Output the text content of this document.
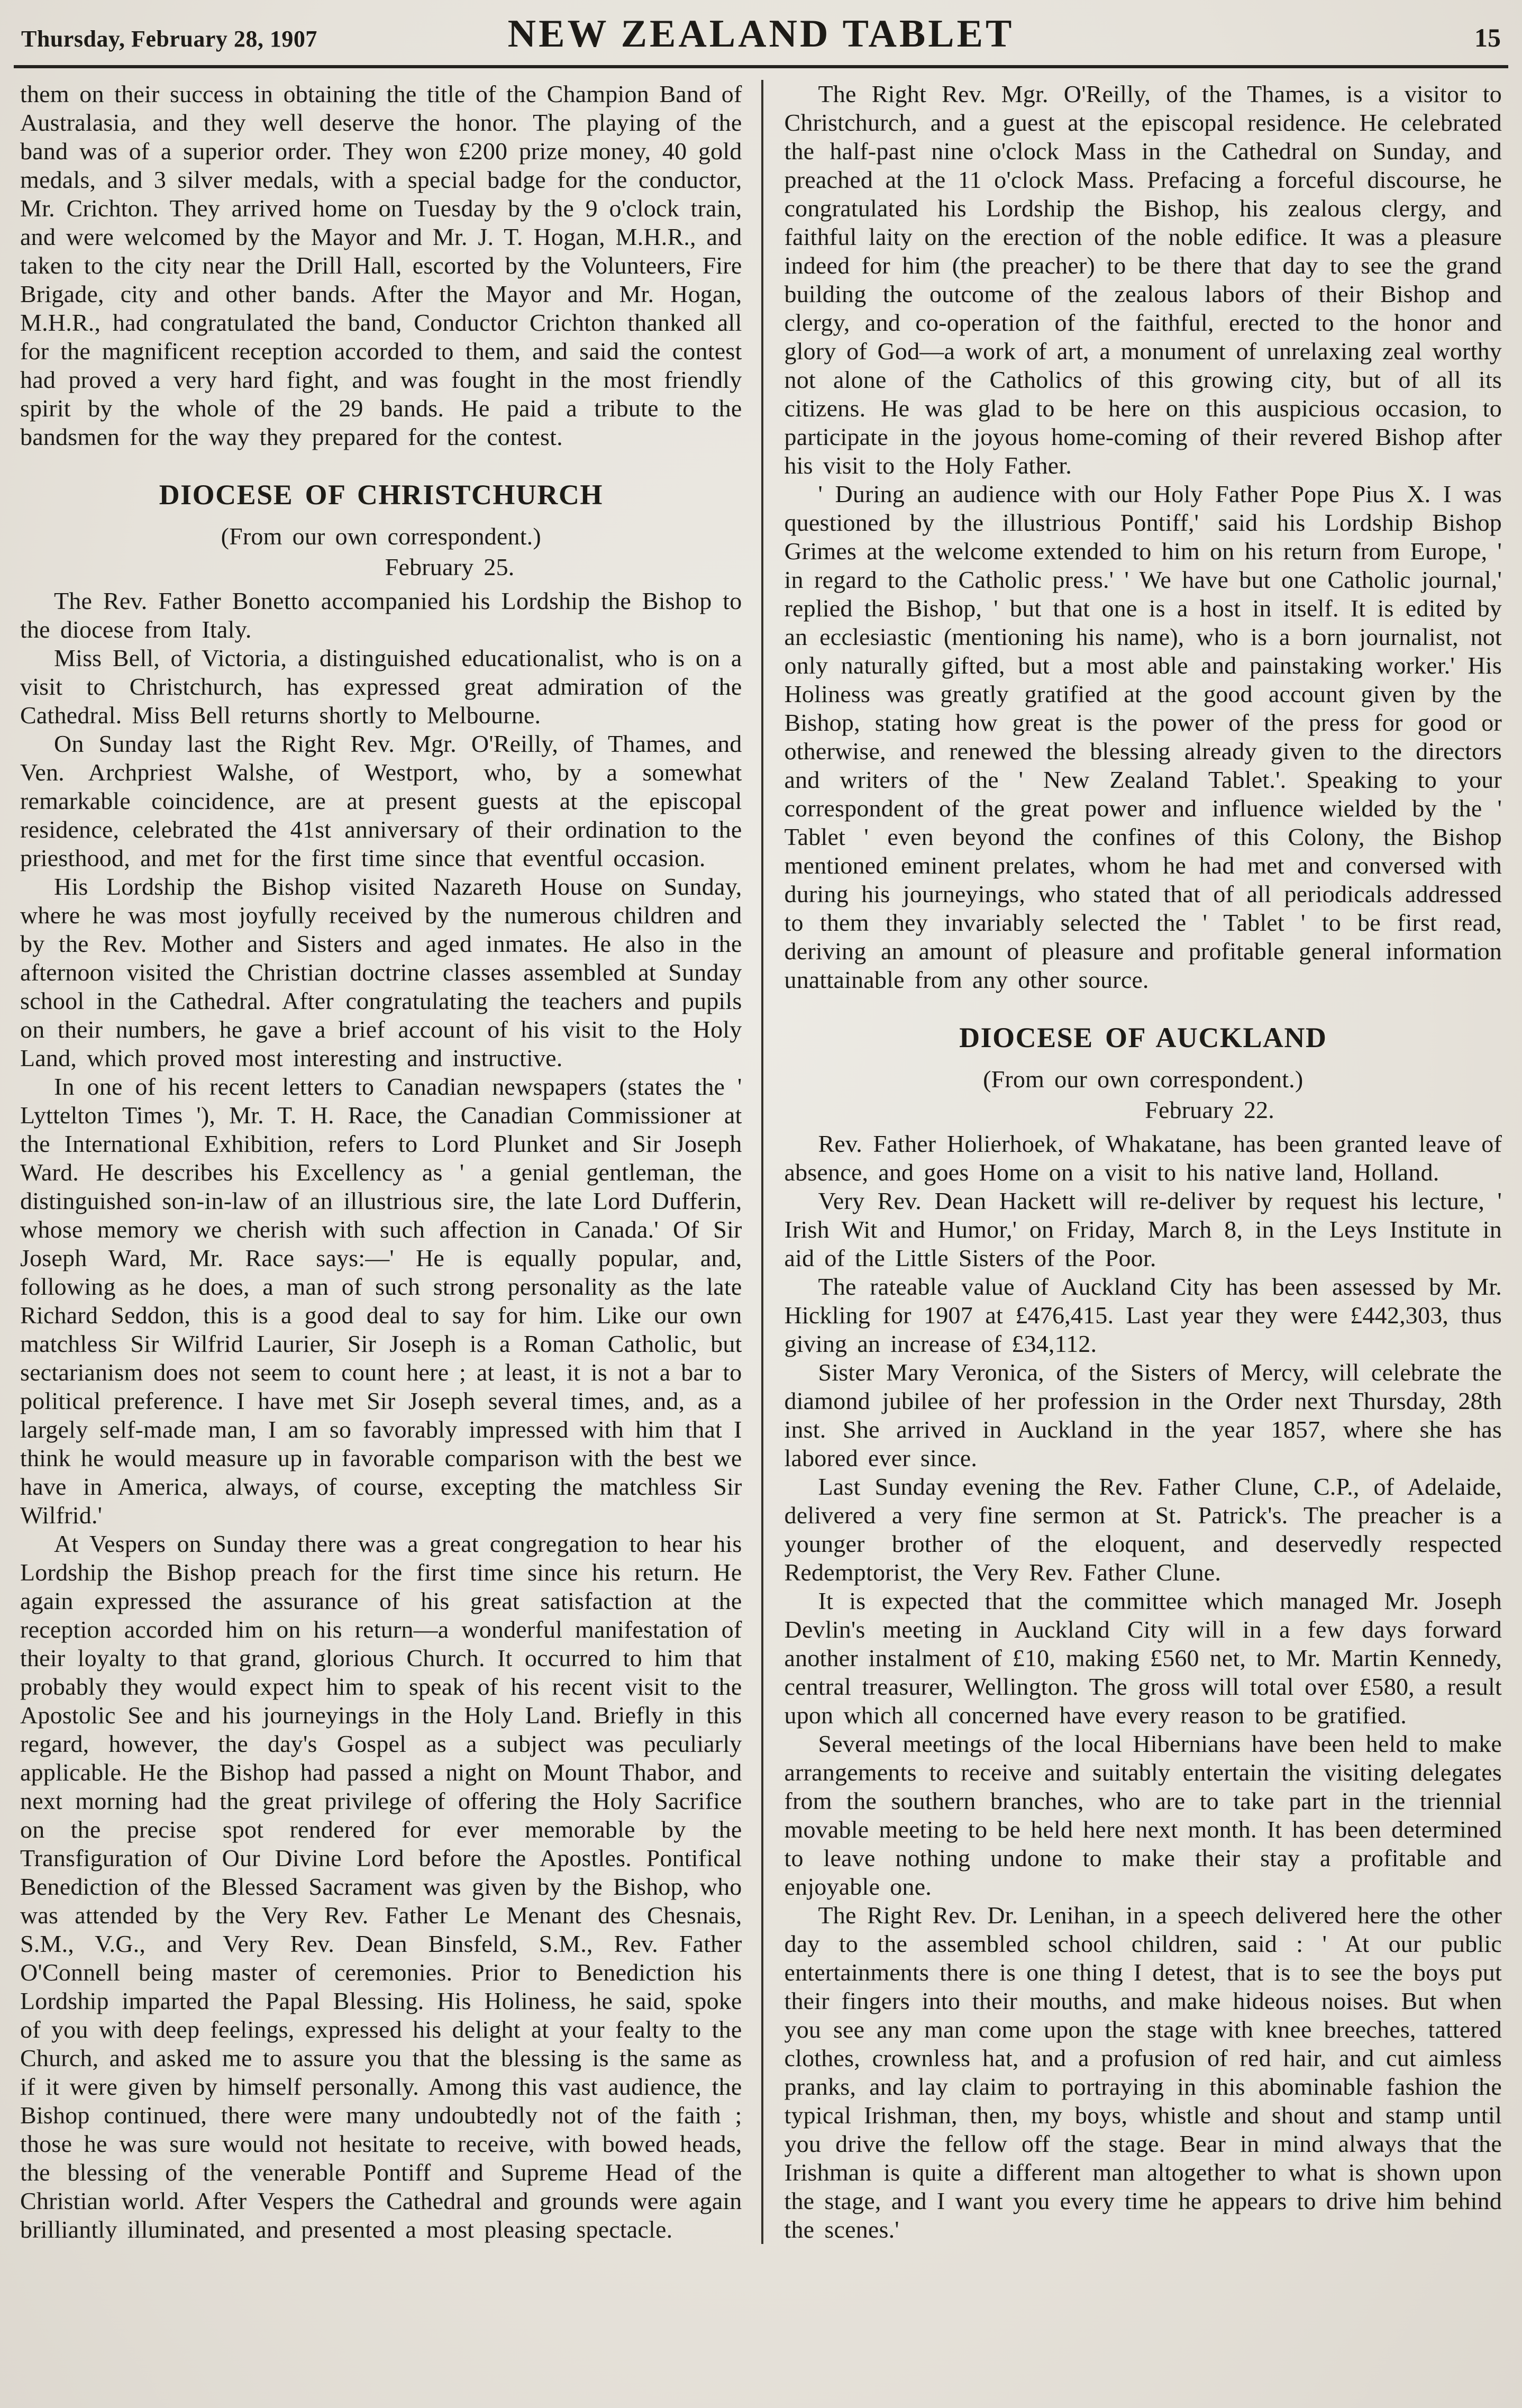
Thursday, February 28, 1907	NEW ZEALAND TABLET	15

them on their success in obtaining the title of the Champion Band of Australasia, and they well deserve the honor. The playing of the band was of a superior order. They won £200 prize money, 40 gold medals, and 3 silver medals, with a special badge for the conductor, Mr. Crichton. They arrived home on Tuesday by the 9 o'clock train, and were welcomed by the Mayor and Mr. J. T. Hogan, M.H.R., and taken to the city near the Drill Hall, escorted by the Volunteers, Fire Brigade, city and other bands. After the Mayor and Mr. Hogan, M.H.R., had congratulated the band, Conductor Crichton thanked all for the magnificent reception accorded to them, and said the contest had proved a very hard fight, and was fought in the most friendly spirit by the whole of the 29 bands. He paid a tribute to the bandsmen for the way they prepared for the contest.

DIOCESE OF CHRISTCHURCH

(From our own correspondent.)

February 25.

The Rev. Father Bonetto accompanied his Lordship the Bishop to the diocese from Italy.

Miss Bell, of Victoria, a distinguished educationalist, who is on a visit to Christchurch, has expressed great admiration of the Cathedral. Miss Bell returns shortly to Melbourne.

On Sunday last the Right Rev. Mgr. O'Reilly, of Thames, and Ven. Archpriest Walshe, of Westport, who, by a somewhat remarkable coincidence, are at present guests at the episcopal residence, celebrated the 41st anniversary of their ordination to the priesthood, and met for the first time since that eventful occasion.

His Lordship the Bishop visited Nazareth House on Sunday, where he was most joyfully received by the numerous children and by the Rev. Mother and Sisters and aged inmates. He also in the afternoon visited the Christian doctrine classes assembled at Sunday school in the Cathedral. After congratulating the teachers and pupils on their numbers, he gave a brief account of his visit to the Holy Land, which proved most interesting and instructive.

In one of his recent letters to Canadian newspapers (states the ' Lyttelton Times '), Mr. T. H. Race, the Canadian Commissioner at the International Exhibition, refers to Lord Plunket and Sir Joseph Ward. He describes his Excellency as ' a genial gentleman, the distinguished son-in-law of an illustrious sire, the late Lord Dufferin, whose memory we cherish with such affection in Canada.' Of Sir Joseph Ward, Mr. Race says:—' He is equally popular, and, following as he does, a man of such strong personality as the late Richard Seddon, this is a good deal to say for him. Like our own matchless Sir Wilfrid Laurier, Sir Joseph is a Roman Catholic, but sectarianism does not seem to count here ; at least, it is not a bar to political preference. I have met Sir Joseph several times, and, as a largely self-made man, I am so favorably impressed with him that I think he would measure up in favorable comparison with the best we have in America, always, of course, excepting the matchless Sir Wilfrid.'

At Vespers on Sunday there was a great congregation to hear his Lordship the Bishop preach for the first time since his return. He again expressed the assurance of his great satisfaction at the reception accorded him on his return—a wonderful manifestation of their loyalty to that grand, glorious Church. It occurred to him that probably they would expect him to speak of his recent visit to the Apostolic See and his journeyings in the Holy Land. Briefly in this regard, however, the day's Gospel as a subject was peculiarly applicable. He the Bishop had passed a night on Mount Thabor, and next morning had the great privilege of offering the Holy Sacrifice on the precise spot rendered for ever memorable by the Transfiguration of Our Divine Lord before the Apostles. Pontifical Benediction of the Blessed Sacrament was given by the Bishop, who was attended by the Very Rev. Father Le Menant des Chesnais, S.M., V.G., and Very Rev. Dean Binsfeld, S.M., Rev. Father O'Connell being master of ceremonies. Prior to Benediction his Lordship imparted the Papal Blessing. His Holiness, he said, spoke of you with deep feelings, expressed his delight at your fealty to the Church, and asked me to assure you that the blessing is the same as if it were given by himself personally. Among this vast audience, the Bishop continued, there were many undoubtedly not of the faith ; those he was sure would not hesitate to receive, with bowed heads, the blessing of the venerable Pontiff and Supreme Head of the Christian world. After Vespers the Cathedral and grounds were again brilliantly illuminated, and presented a most pleasing spectacle.

The Right Rev. Mgr. O'Reilly, of the Thames, is a visitor to Christchurch, and a guest at the episcopal residence. He celebrated the half-past nine o'clock Mass in the Cathedral on Sunday, and preached at the 11 o'clock Mass. Prefacing a forceful discourse, he congratulated his Lordship the Bishop, his zealous clergy, and faithful laity on the erection of the noble edifice. It was a pleasure indeed for him (the preacher) to be there that day to see the grand building the outcome of the zealous labors of their Bishop and clergy, and co-operation of the faithful, erected to the honor and glory of God—a work of art, a monument of unrelaxing zeal worthy not alone of the Catholics of this growing city, but of all its citizens. He was glad to be here on this auspicious occasion, to participate in the joyous home-coming of their revered Bishop after his visit to the Holy Father.

' During an audience with our Holy Father Pope Pius X. I was questioned by the illustrious Pontiff,' said his Lordship Bishop Grimes at the welcome extended to him on his return from Europe, ' in regard to the Catholic press.' ' We have but one Catholic journal,' replied the Bishop, ' but that one is a host in itself. It is edited by an ecclesiastic (mentioning his name), who is a born journalist, not only naturally gifted, but a most able and painstaking worker.' His Holiness was greatly gratified at the good account given by the Bishop, stating how great is the power of the press for good or otherwise, and renewed the blessing already given to the directors and writers of the ' New Zealand Tablet.'. Speaking to your correspondent of the great power and influence wielded by the ' Tablet ' even beyond the confines of this Colony, the Bishop mentioned eminent prelates, whom he had met and conversed with during his journeyings, who stated that of all periodicals addressed to them they invariably selected the ' Tablet ' to be first read, deriving an amount of pleasure and profitable general information unattainable from any other source.

DIOCESE OF AUCKLAND

(From our own correspondent.)

February 22.

Rev. Father Holierhoek, of Whakatane, has been granted leave of absence, and goes Home on a visit to his native land, Holland.

Very Rev. Dean Hackett will re-deliver by request his lecture, ' Irish Wit and Humor,' on Friday, March 8, in the Leys Institute in aid of the Little Sisters of the Poor.

The rateable value of Auckland City has been assessed by Mr. Hickling for 1907 at £476,415. Last year they were £442,303, thus giving an increase of £34,112.

Sister Mary Veronica, of the Sisters of Mercy, will celebrate the diamond jubilee of her profession in the Order next Thursday, 28th inst. She arrived in Auckland in the year 1857, where she has labored ever since.

Last Sunday evening the Rev. Father Clune, C.P., of Adelaide, delivered a very fine sermon at St. Patrick's. The preacher is a younger brother of the eloquent, and deservedly respected Redemptorist, the Very Rev. Father Clune.

It is expected that the committee which managed Mr. Joseph Devlin's meeting in Auckland City will in a few days forward another instalment of £10, making £560 net, to Mr. Martin Kennedy, central treasurer, Wellington. The gross will total over £580, a result upon which all concerned have every reason to be gratified.

Several meetings of the local Hibernians have been held to make arrangements to receive and suitably entertain the visiting delegates from the southern branches, who are to take part in the triennial movable meeting to be held here next month. It has been determined to leave nothing undone to make their stay a profitable and enjoyable one.

The Right Rev. Dr. Lenihan, in a speech delivered here the other day to the assembled school children, said : ' At our public entertainments there is one thing I detest, that is to see the boys put their fingers into their mouths, and make hideous noises. But when you see any man come upon the stage with knee breeches, tattered clothes, crownless hat, and a profusion of red hair, and cut aimless pranks, and lay claim to portraying in this abominable fashion the typical Irishman, then, my boys, whistle and shout and stamp until you drive the fellow off the stage. Bear in mind always that the Irishman is quite a different man altogether to what is shown upon the stage, and I want you every time he appears to drive him behind the scenes.'
